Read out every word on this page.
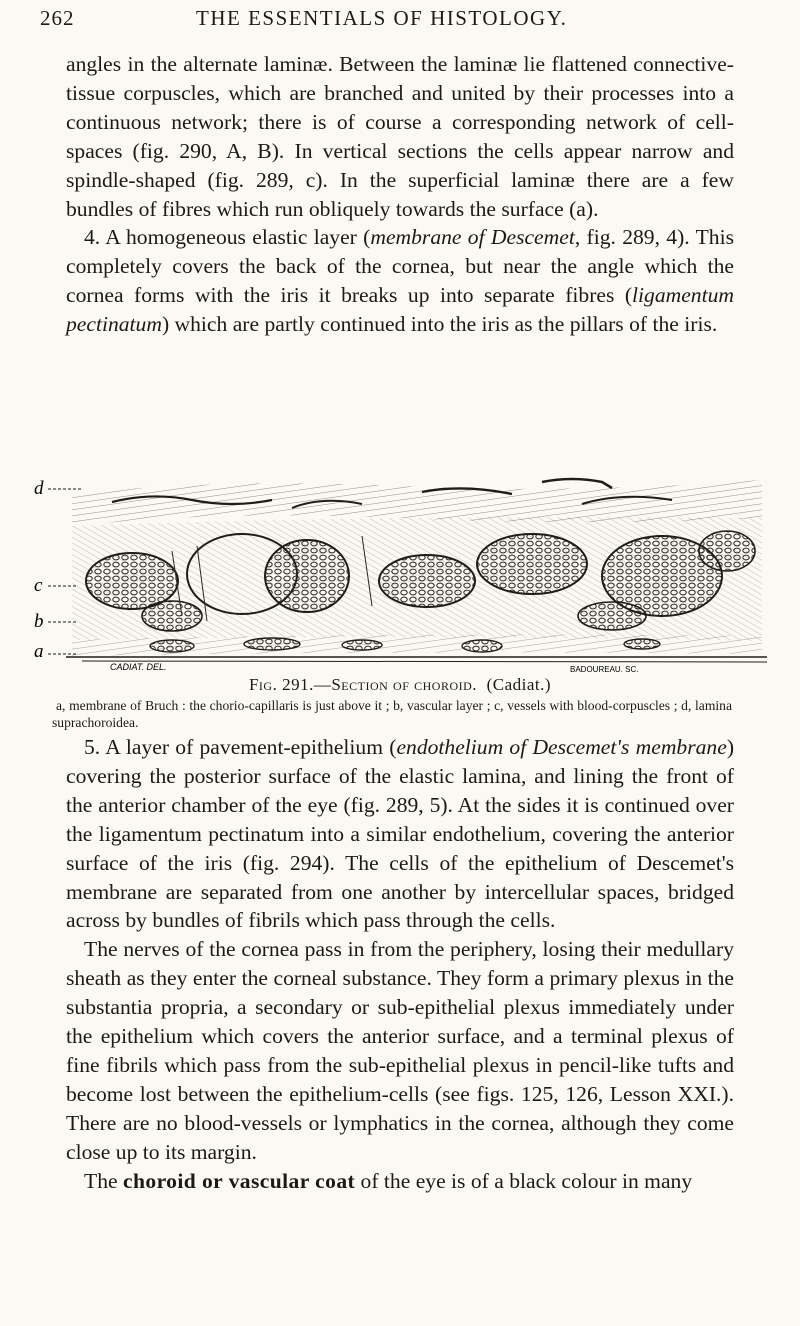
262	THE ESSENTIALS OF HISTOLOGY.

angles in the alternate laminæ. Between the laminæ lie flattened connective-tissue corpuscles, which are branched and united by their processes into a continuous network; there is of course a corresponding network of cell-spaces (fig. 290, A, B). In vertical sections the cells appear narrow and spindle-shaped (fig. 289, c). In the superficial laminæ there are a few bundles of fibres which run obliquely towards the surface (a).

4. A homogeneous elastic layer (membrane of Descemet, fig. 289, 4). This completely covers the back of the cornea, but near the angle which the cornea forms with the iris it breaks up into separate fibres (ligamentum pectinatum) which are partly continued into the iris as the pillars of the iris.

d
c
b
a
CADIAT. DEL.	BADOUREAU. SC.
Fig. 291.—Section of choroid. (Cadiat.)
a, membrane of Bruch : the chorio-capillaris is just above it ; b, vascular layer ; c, vessels with blood-corpuscles ; d, lamina suprachoroidea.

5. A layer of pavement-epithelium (endothelium of Descemet's membrane) covering the posterior surface of the elastic lamina, and lining the front of the anterior chamber of the eye (fig. 289, 5). At the sides it is continued over the ligamentum pectinatum into a similar endothelium, covering the anterior surface of the iris (fig. 294). The cells of the epithelium of Descemet's membrane are separated from one another by intercellular spaces, bridged across by bundles of fibrils which pass through the cells.

The nerves of the cornea pass in from the periphery, losing their medullary sheath as they enter the corneal substance. They form a primary plexus in the substantia propria, a secondary or sub-epithelial plexus immediately under the epithelium which covers the anterior surface, and a terminal plexus of fine fibrils which pass from the sub-epithelial plexus in pencil-like tufts and become lost between the epithelium-cells (see figs. 125, 126, Lesson XXI.). There are no blood-vessels or lymphatics in the cornea, although they come close up to its margin.

The choroid or vascular coat of the eye is of a black colour in many
